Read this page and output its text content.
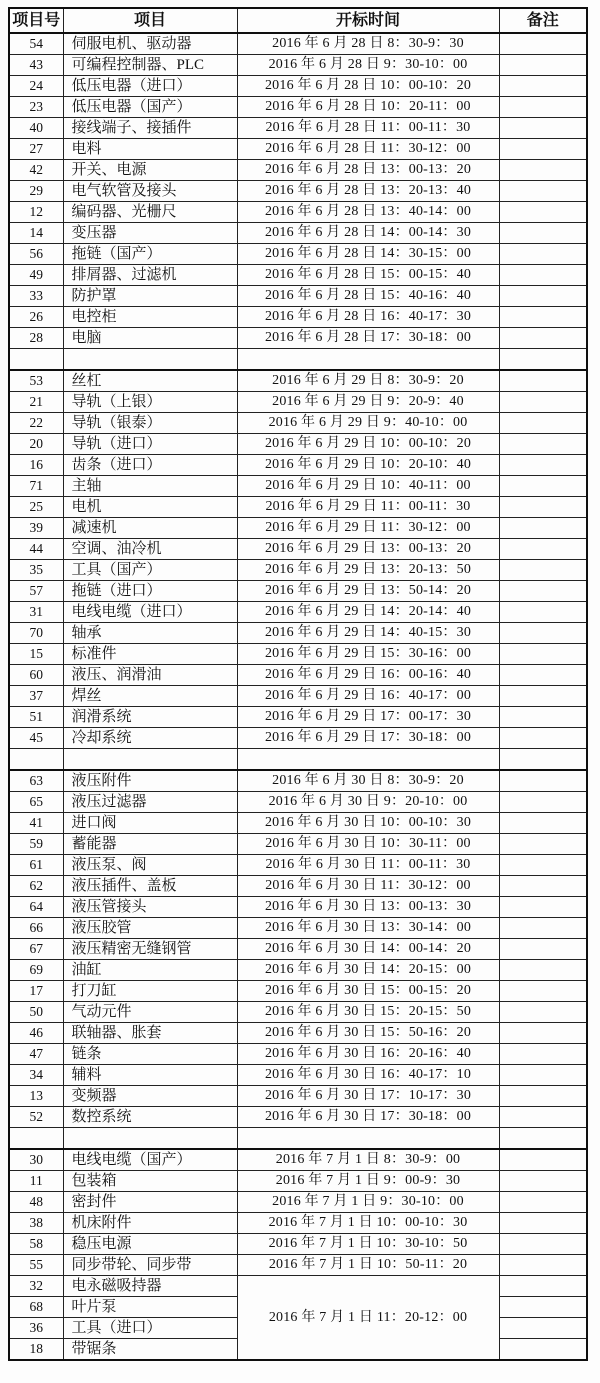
项目号	项目	开标时间	备注
54	伺服电机、驱动器	2016 年 6 月 28 日 8：30-9：30	
43	可编程控制器、PLC	2016 年 6 月 28 日 9：30-10：00	
24	低压电器（进口）	2016 年 6 月 28 日 10：00-10：20	
23	低压电器（国产）	2016 年 6 月 28 日 10：20-11：00	
40	接线端子、接插件	2016 年 6 月 28 日 11：00-11：30	
27	电料	2016 年 6 月 28 日 11：30-12：00	
42	开关、电源	2016 年 6 月 28 日 13：00-13：20	
29	电气软管及接头	2016 年 6 月 28 日 13：20-13：40	
12	编码器、光栅尺	2016 年 6 月 28 日 13：40-14：00	
14	变压器	2016 年 6 月 28 日 14：00-14：30	
56	拖链（国产）	2016 年 6 月 28 日 14：30-15：00	
49	排屑器、过滤机	2016 年 6 月 28 日 15：00-15：40	
33	防护罩	2016 年 6 月 28 日 15：40-16：40	
26	电控柜	2016 年 6 月 28 日 16：40-17：30	
28	电脑	2016 年 6 月 28 日 17：30-18：00	

53	丝杠	2016 年 6 月 29 日 8：30-9：20	
21	导轨（上银）	2016 年 6 月 29 日 9：20-9：40	
22	导轨（银泰）	2016 年 6 月 29 日 9：40-10：00	
20	导轨（进口）	2016 年 6 月 29 日 10：00-10：20	
16	齿条（进口）	2016 年 6 月 29 日 10：20-10：40	
71	主轴	2016 年 6 月 29 日 10：40-11：00	
25	电机	2016 年 6 月 29 日 11：00-11：30	
39	减速机	2016 年 6 月 29 日 11：30-12：00	
44	空调、油冷机	2016 年 6 月 29 日 13：00-13：20	
35	工具（国产）	2016 年 6 月 29 日 13：20-13：50	
57	拖链（进口）	2016 年 6 月 29 日 13：50-14：20	
31	电线电缆（进口）	2016 年 6 月 29 日 14：20-14：40	
70	轴承	2016 年 6 月 29 日 14：40-15：30	
15	标准件	2016 年 6 月 29 日 15：30-16：00	
60	液压、润滑油	2016 年 6 月 29 日 16：00-16：40	
37	焊丝	2016 年 6 月 29 日 16：40-17：00	
51	润滑系统	2016 年 6 月 29 日 17：00-17：30	
45	冷却系统	2016 年 6 月 29 日 17：30-18：00	

63	液压附件	2016 年 6 月 30 日 8：30-9：20	
65	液压过滤器	2016 年 6 月 30 日 9：20-10：00	
41	进口阀	2016 年 6 月 30 日 10：00-10：30	
59	蓄能器	2016 年 6 月 30 日 10：30-11：00	
61	液压泵、阀	2016 年 6 月 30 日 11：00-11：30	
62	液压插件、盖板	2016 年 6 月 30 日 11：30-12：00	
64	液压管接头	2016 年 6 月 30 日 13：00-13：30	
66	液压胶管	2016 年 6 月 30 日 13：30-14：00	
67	液压精密无缝钢管	2016 年 6 月 30 日 14：00-14：20	
69	油缸	2016 年 6 月 30 日 14：20-15：00	
17	打刀缸	2016 年 6 月 30 日 15：00-15：20	
50	气动元件	2016 年 6 月 30 日 15：20-15：50	
46	联轴器、胀套	2016 年 6 月 30 日 15：50-16：20	
47	链条	2016 年 6 月 30 日 16：20-16：40	
34	辅料	2016 年 6 月 30 日 16：40-17：10	
13	变频器	2016 年 6 月 30 日 17：10-17：30	
52	数控系统	2016 年 6 月 30 日 17：30-18：00	

30	电线电缆（国产）	2016 年 7 月 1 日 8：30-9：00	
11	包装箱	2016 年 7 月 1 日 9：00-9：30	
48	密封件	2016 年 7 月 1 日 9：30-10：00	
38	机床附件	2016 年 7 月 1 日 10：00-10：30	
58	稳压电源	2016 年 7 月 1 日 10：30-10：50	
55	同步带轮、同步带	2016 年 7 月 1 日 10：50-11：20	
32	电永磁吸持器	2016 年 7 月 1 日 11：20-12：00	
68	叶片泵		
36	工具（进口）		
18	带锯条		
